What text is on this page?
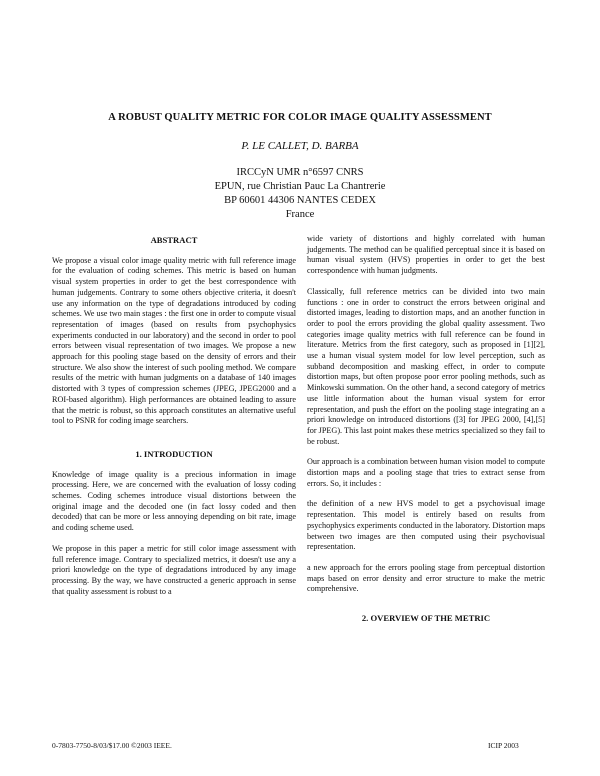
A ROBUST QUALITY METRIC FOR COLOR IMAGE QUALITY ASSESSMENT
P. LE CALLET, D. BARBA
IRCCyN UMR n°6597 CNRS
EPUN, rue Christian Pauc La Chantrerie
BP 60601 44306 NANTES CEDEX
France
ABSTRACT

We propose a visual color image quality metric with full reference image for the evaluation of coding schemes. This metric is based on human visual system properties in order to get the best correspondence with human judgements. Contrary to some others objective criteria, it doesn't use any information on the type of degradations introduced by coding schemes. We use two main stages : the first one in order to compute visual representation of images (based on results from psychophysics experiments conducted in our laboratory) and the second in order to pool errors between visual representation of two images. We propose a new approach for this pooling stage based on the density of errors and their structure. We also show the interest of such pooling method. We compare results of the metric with human judgments on a database of 140 images distorted with 3 types of compression schemes (JPEG, JPEG2000 and a ROI-based algorithm). High performances are obtained leading to assure that the metric is robust, so this approach constitutes an alternative useful tool to PSNR for coding image searchers.

1. INTRODUCTION

Knowledge of image quality is a precious information in image processing. Here, we are concerned with the evaluation of lossy coding schemes. Coding schemes introduce visual distortions between the original image and the decoded one (in fact lossy coded and then decoded) that can be more or less annoying depending on bit rate, image and coding scheme used.

We propose in this paper a metric for still color image assessment with full reference image. Contrary to specialized metrics, it doesn't use any a priori knowledge on the type of degradations introduced by any image processing. By the way, we have constructed a generic approach in sense that quality assessment is robust to a

wide variety of distortions and highly correlated with human judgements. The method can be qualified perceptual since it is based on human visual system (HVS) properties in order to get the best correspondence with human judgments.

Classically, full reference metrics can be divided into two main functions : one in order to construct the errors between original and distorted images, leading to distortion maps, and an another function in order to pool the errors providing the global quality assessment. Two categories image quality metrics with full reference can be found in literature. Metrics from the first category, such as proposed in [1][2], use a human visual system model for low level perception, such as subband decomposition and masking effect, in order to compute distortion maps, but often propose poor error pooling methods, such as Minkowski summation. On the other hand, a second category of metrics use little information about the human visual system for error representation, and push the effort on the pooling stage integrating an a priori knowledge on introduced distortions ([3] for JPEG 2000, [4],[5] for JPEG). This last point makes these metrics specialized so they fail to be robust.

Our approach is a combination between human vision model to compute distortion maps and a pooling stage that tries to extract sense from errors. So, it includes :

the definition of a new HVS model to get a psychovisual image representation. This model is entirely based on results from psychophysics experiments conducted in the laboratory. Distortion maps between two images are then computed using their psychovisual representation.

a new approach for the errors pooling stage from perceptual distortion maps based on error density and error structure to make the metric comprehensive.

2. OVERVIEW OF THE METRIC
0-7803-7750-8/03/$17.00 ©2003 IEEE.	ICIP 2003
